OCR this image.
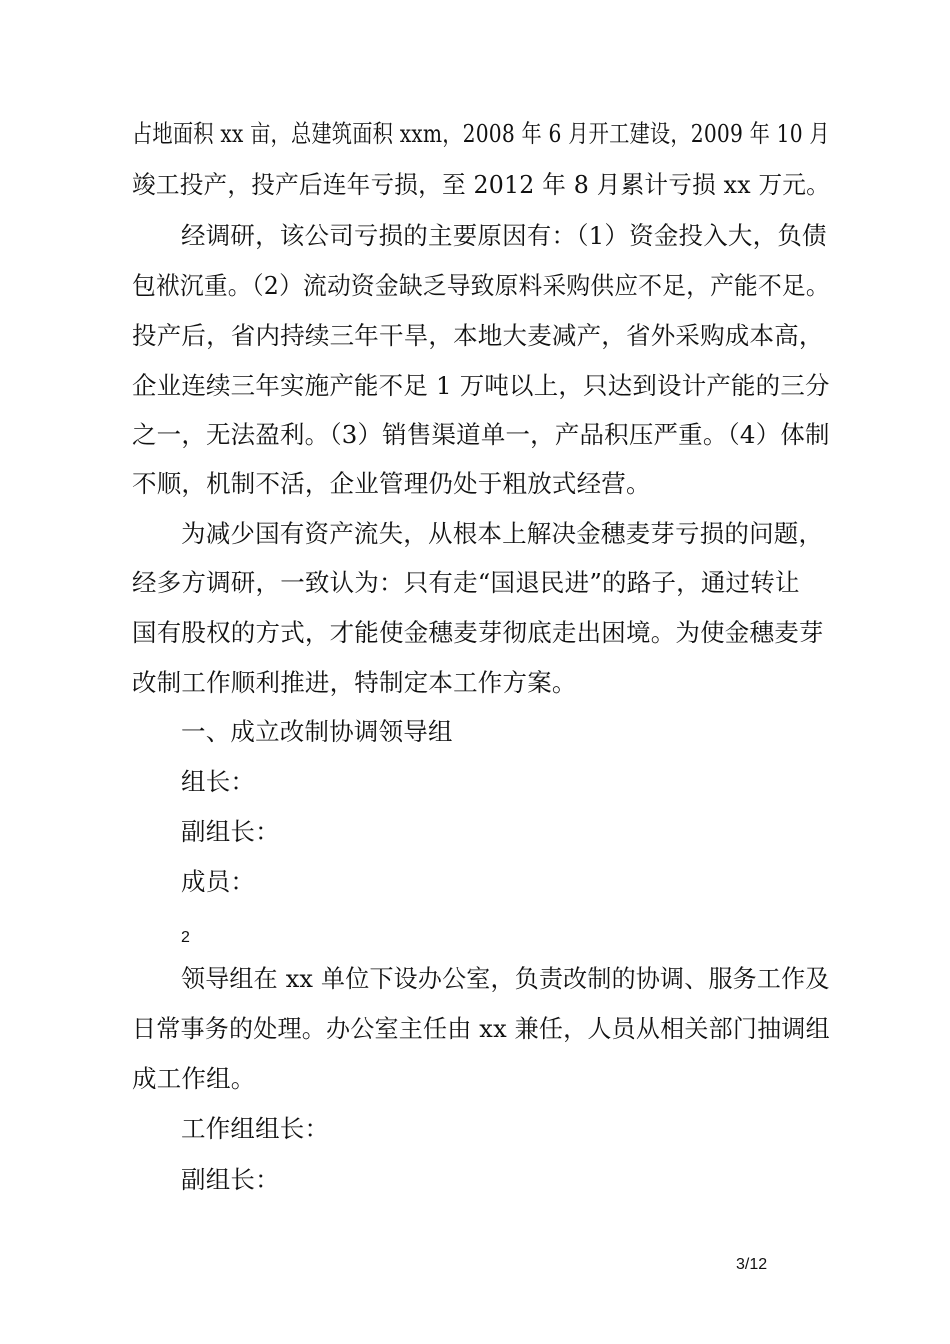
占地面积 xx 亩，总建筑面积 xxm，2008 年 6 月开工建设，2009 年 10 月
竣工投产，投产后连年亏损，至 2012 年 8 月累计亏损 xx 万元。
经调研，该公司亏损的主要原因有：（1）资金投入大，负债
包袱沉重。（2）流动资金缺乏导致原料采购供应不足，产能不足。
投产后，省内持续三年干旱，本地大麦减产，省外采购成本高，
企业连续三年实施产能不足 1 万吨以上，只达到设计产能的三分
之一，无法盈利。（3）销售渠道单一，产品积压严重。（4）体制
不顺，机制不活，企业管理仍处于粗放式经营。
为减少国有资产流失，从根本上解决金穗麦芽亏损的问题，
经多方调研，一致认为：只有走“国退民进”的路子，通过转让
国有股权的方式，才能使金穗麦芽彻底走出困境。为使金穗麦芽
改制工作顺利推进，特制定本工作方案。
一、成立改制协调领导组
组长：
副组长：
成员：
2
领导组在 xx 单位下设办公室，负责改制的协调、服务工作及
日常事务的处理。办公室主任由 xx 兼任，人员从相关部门抽调组
成工作组。
工作组组长：
副组长：
3/12
